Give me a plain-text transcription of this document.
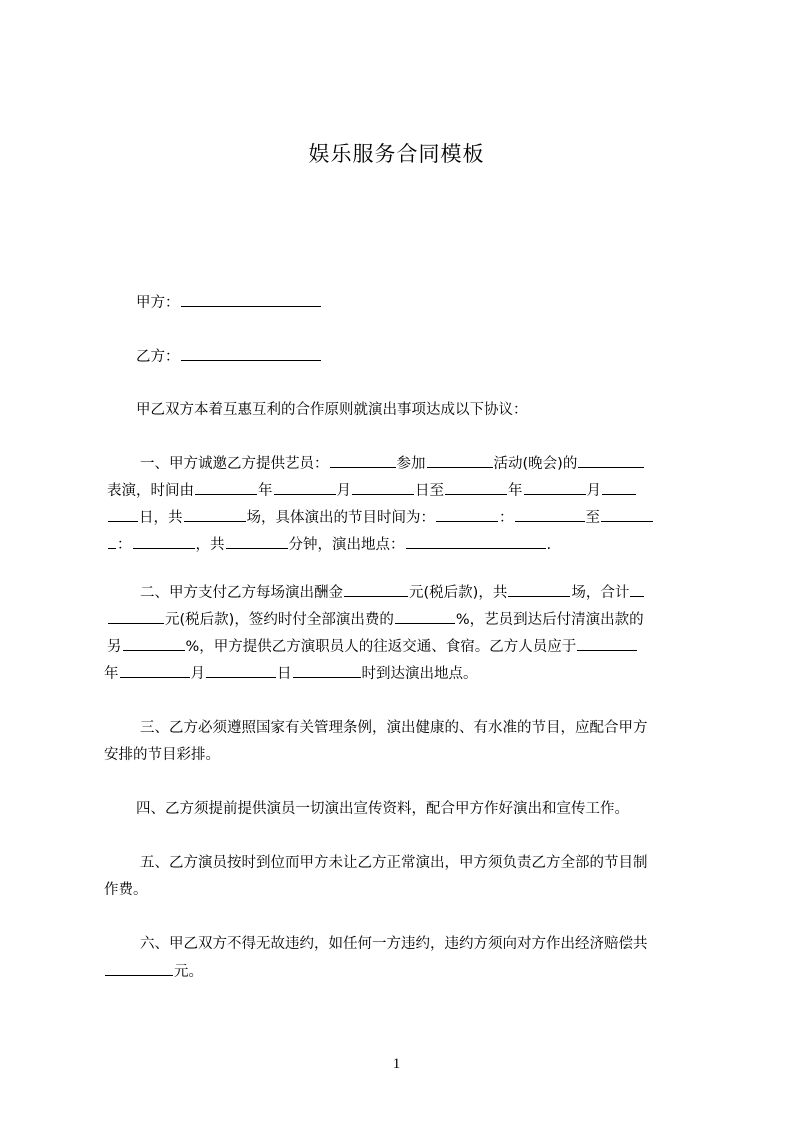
娱乐服务合同模板
甲方：
乙方：
甲乙双方本着互惠互利的合作原则就演出事项达成以下协议：
一、甲方诚邀乙方提供艺员：	参加	活动(晚会)的
表演，时间由	年	月	日至	年	月
日，共	场，具体演出的节目时间为：	：	至
：	，共	分钟，演出地点：	.
二、甲方支付乙方每场演出酬金	元(税后款)，共	场，合计
元(税后款)，签约时付全部演出费的	%，艺员到达后付清演出款的
另	%，甲方提供乙方演职员人的往返交通、食宿。乙方人员应于
年	月	日	时到达演出地点。
三、乙方必须遵照国家有关管理条例，演出健康的、有水准的节目，应配合甲方
安排的节目彩排。
四、乙方须提前提供演员一切演出宣传资料，配合甲方作好演出和宣传工作。
五、乙方演员按时到位而甲方未让乙方正常演出，甲方须负责乙方全部的节目制
作费。
六、甲乙双方不得无故违约，如任何一方违约，违约方须向对方作出经济赔偿共
元。
1
